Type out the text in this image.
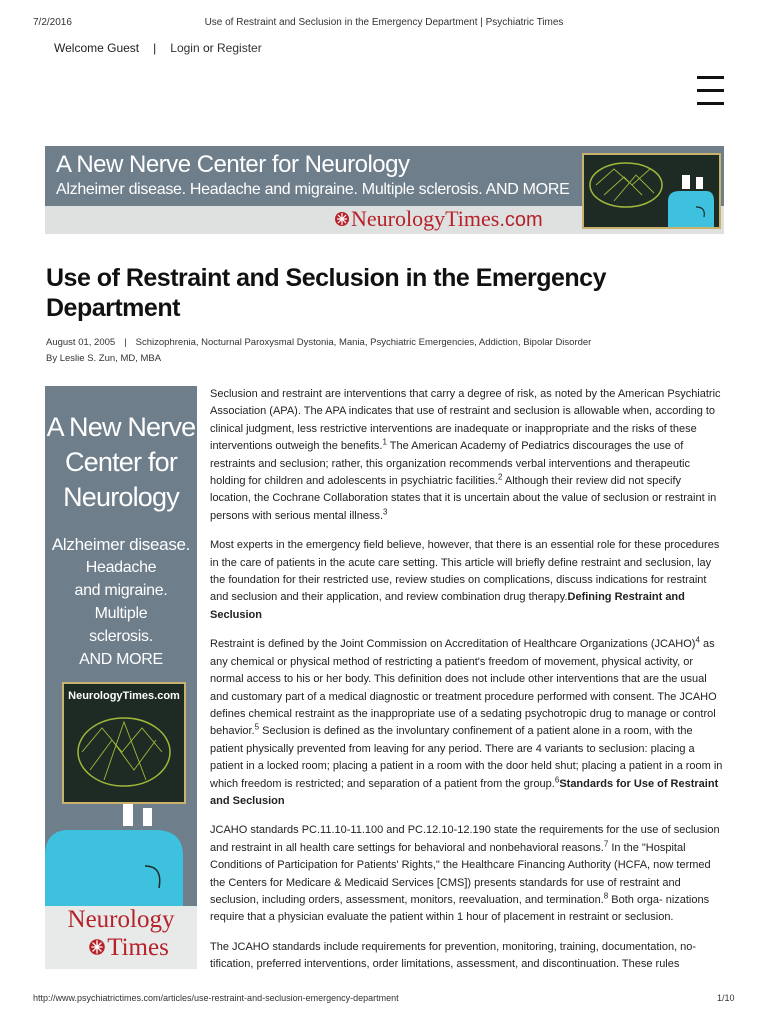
7/2/2016	Use of Restraint and Seclusion in the Emergency Department | Psychiatric Times
Welcome Guest | Login or Register
A New Nerve Center for Neurology
Alzheimer disease. Headache and migraine. Multiple sclerosis. AND MORE
NeurologyTimes.com
Use of Restraint and Seclusion in the Emergency Department
August 01, 2005 | Schizophrenia, Nocturnal Paroxysmal Dystonia, Mania, Psychiatric Emergencies, Addiction, Bipolar Disorder
By Leslie S. Zun, MD, MBA
A New Nerve
Center for
Neurology
Alzheimer disease.
Headache
and migraine.
Multiple
sclerosis.
AND MORE
NeurologyTimes.com
Neurology
Times

Seclusion and restraint are interventions that carry a degree of risk, as noted by the American Psychiatric Association (APA). The APA indicates that use of restraint and seclusion is allowable when, according to clinical judgment, less restrictive interventions are inadequate or inappropriate and the risks of these interventions outweigh the benefits.$^1$ The American Academy of Pediatrics discourages the use of restraints and seclusion; rather, this organization recommends verbal interventions and therapeutic holding for children and adolescents in psychiatric facilities.$^2$ Although their review did not specify location, the Cochrane Collaboration states that it is uncertain about the value of seclusion or restraint in persons with serious mental illness.$^3$

Most experts in the emergency field believe, however, that there is an essential role for these procedures in the care of patients in the acute care setting. This article will briefly define restraint and seclusion, lay the foundation for their restricted use, review studies on complications, discuss indications for restraint and seclusion and their application, and review combination drug therapy.Defining Restraint and Seclusion

Restraint is defined by the Joint Commission on Accreditation of Healthcare Organizations (JCAHO)$^4$ as any chemical or physical method of restricting a patient's freedom of movement, physical activity, or normal access to his or her body. This definition does not include other interventions that are the usual and customary part of a medical diagnostic or treatment procedure performed with consent. The JCAHO defines chemical restraint as the inappropriate use of a sedating psychotropic drug to manage or control behavior.$^5$ Seclusion is defined as the involuntary confinement of a patient alone in a room, with the patient physically prevented from leaving for any period. There are 4 variants to seclusion: placing a patient in a locked room; placing a patient in a room with the door held shut; placing a patient in a room in which freedom is restricted; and separation of a patient from the group.$^6$Standards for Use of Restraint and Seclusion

JCAHO standards PC.11.10-11.100 and PC.12.10-12.190 state the requirements for the use of seclusion and restraint in all health care settings for behavioral and nonbehavioral reasons.$^7$ In the "Hospital Conditions of Participation for Patients' Rights," the Healthcare Financing Authority (HCFA, now termed the Centers for Medicare & Medicaid Services [CMS]) presents standards for use of restraint and seclusion, including orders, assessment, monitors, reevaluation, and termination.$^8$ Both orga- nizations require that a physician evaluate the patient within 1 hour of placement in restraint or seclusion.

The JCAHO standards include requirements for prevention, monitoring, training, documentation, no- tification, preferred interventions, order limitations, assessment, and discontinuation. These rules

http://www.psychiatrictimes.com/articles/use-restraint-and-seclusion-emergency-department	1/10
